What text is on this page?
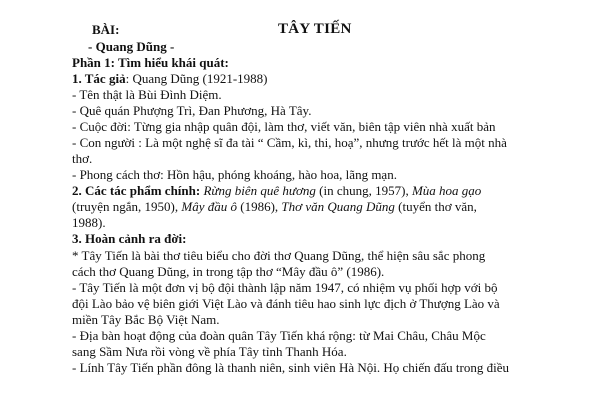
BÀI:	TÂY TIẾN
- Quang Dũng -
Phần 1: Tìm hiểu khái quát:
1. Tác giả: Quang Dũng (1921-1988)
- Tên thật là Bùi Đình Diệm.
- Quê quán Phượng Trì, Đan Phương, Hà Tây.
- Cuộc đời: Từng gia nhập quân đội, làm thơ, viết văn, biên tập viên nhà xuất bản
- Con người : Là một nghệ sĩ đa tài “ Cầm, kì, thi, hoạ”, nhưng trước hết là một nhà
thơ.
- Phong cách thơ: Hồn hậu, phóng khoáng, hào hoa, lãng mạn.
2. Các tác phẩm chính: Rừng biên quê hương (in chung, 1957), Mùa hoa gạo
(truyện ngắn, 1950), Mây đầu ô (1986), Thơ văn Quang Dũng (tuyển thơ văn,
1988).
3. Hoàn cảnh ra đời:
* Tây Tiến là bài thơ tiêu biểu cho đời thơ Quang Dũng, thể hiện sâu sắc phong
cách thơ Quang Dũng, in trong tập thơ “Mây đầu ô” (1986).
- Tây Tiến là một đơn vị bộ đội thành lập năm 1947, có nhiệm vụ phối hợp với bộ
đội Lào bảo vệ biên giới Việt Lào và đánh tiêu hao sinh lực địch ở Thượng Lào và
miền Tây Bắc Bộ Việt Nam.
- Địa bàn hoạt động của đoàn quân Tây Tiến khá rộng: từ Mai Châu, Châu Mộc
sang Sầm Nưa rồi vòng về phía Tây tỉnh Thanh Hóa.
- Lính Tây Tiến phần đông là thanh niên, sinh viên Hà Nội. Họ chiến đấu trong điều
